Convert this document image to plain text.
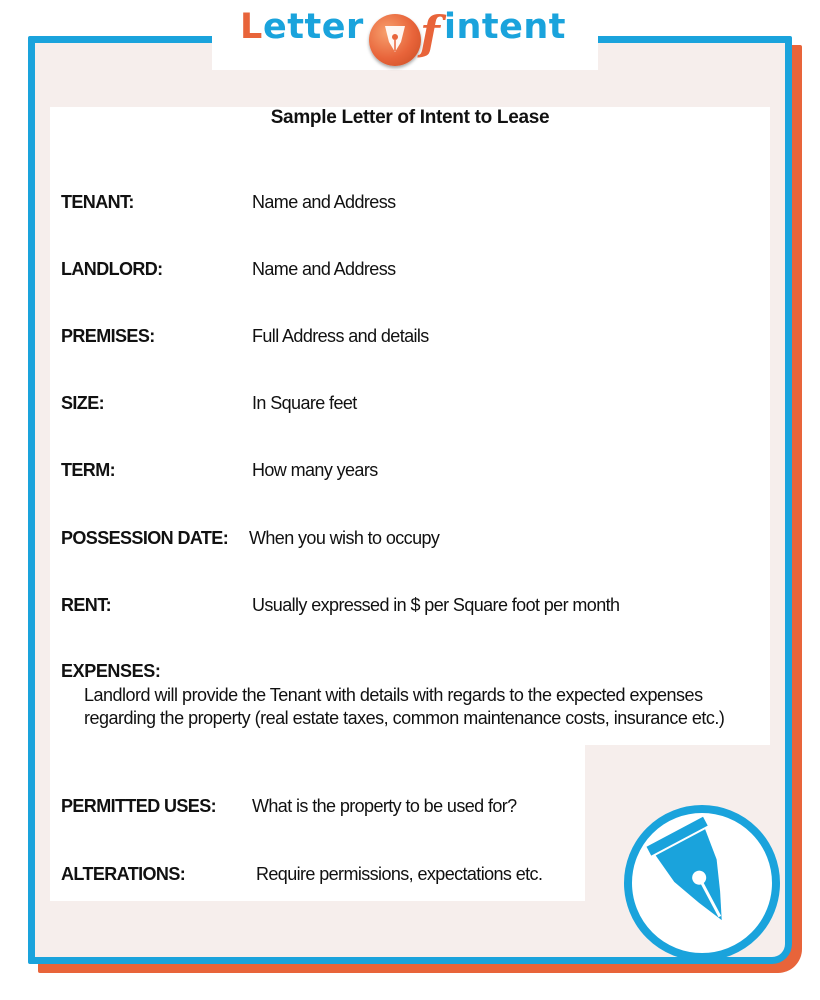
L etter f intent
Sample Letter of Intent to Lease
TENANT:	Name and Address
LANDLORD:	Name and Address
PREMISES:	Full Address and details
SIZE:	In Square feet
TERM:	How many years
POSSESSION DATE: When you wish to occupy
RENT:	Usually expressed in $ per Square foot per month
EXPENSES:
Landlord will provide the Tenant with details with regards to the expected expenses regarding the property (real estate taxes, common maintenance costs, insurance etc.)
PERMITTED USES: What is the property to be used for?
ALTERATIONS:	Require permissions, expectations etc.
